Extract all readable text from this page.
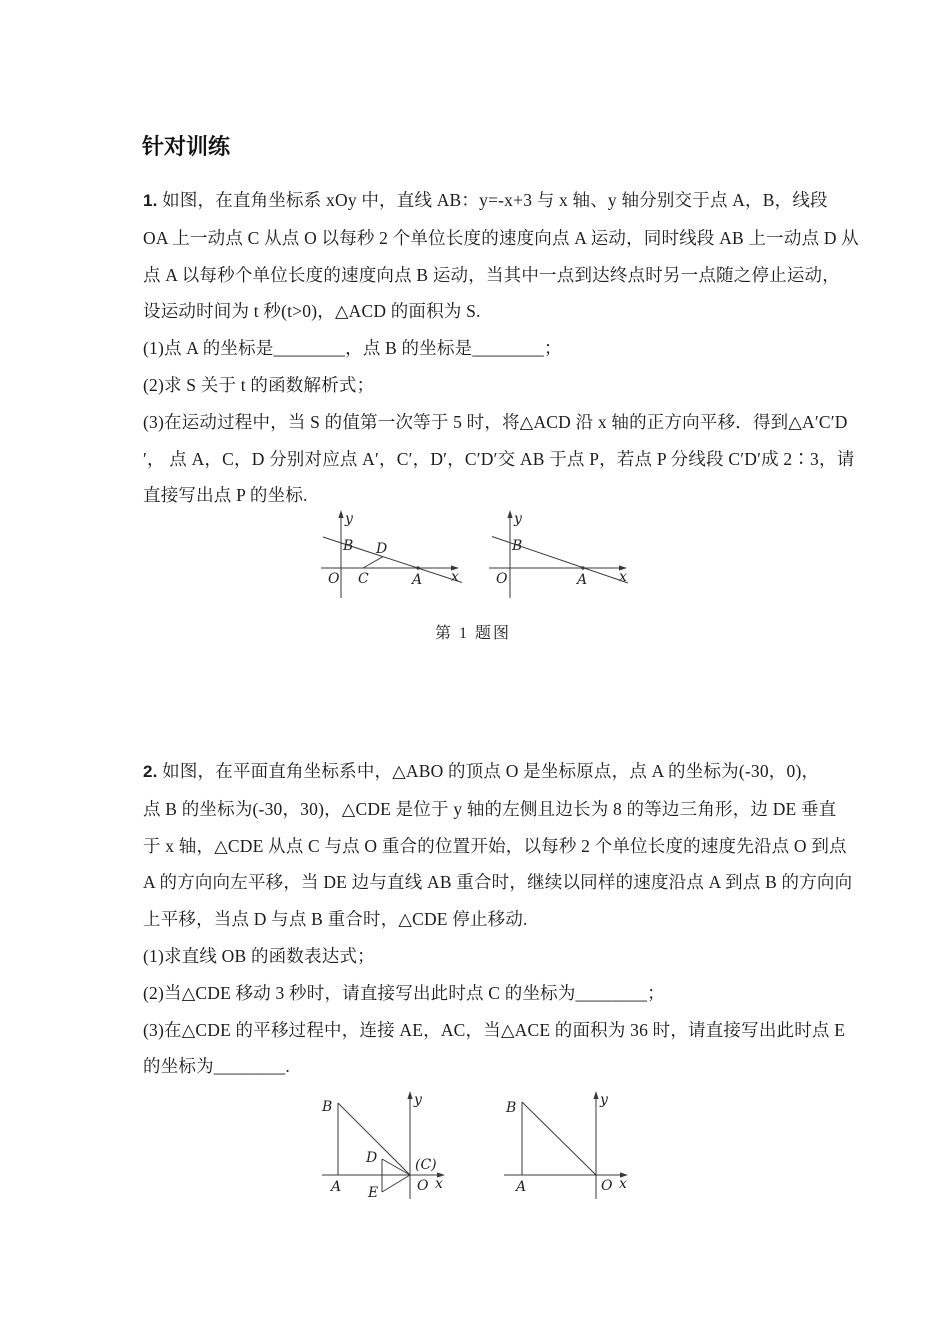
针对训练
1. 如图，在直角坐标系 xOy 中，直线 AB：y=-x+3 与 x 轴、y 轴分别交于点 A，B，线段
OA 上一动点 C 从点 O 以每秒 2 个单位长度的速度向点 A 运动，同时线段 AB 上一动点 D 从
点 A 以每秒个单位长度的速度向点 B 运动，当其中一点到达终点时另一点随之停止运动，
设运动时间为 t 秒(t>0)，△ACD 的面积为 S.
(1)点 A 的坐标是________，点 B 的坐标是________；
(2)求 S 关于 t 的函数解析式；
(3)在运动过程中，当 S 的值第一次等于 5 时，将△ACD 沿 x 轴的正方向平移．得到△A′C′D
′， 点 A，C，D 分别对应点 A′，C′，D′，C′D′交 AB 于点 P，若点 P 分线段 C′D′成 2∶3，请
直接写出点 P 的坐标.
y
B D
O C	A x
y
B
O	A x
第 1 题图
2. 如图，在平面直角坐标系中，△ABO 的顶点 O 是坐标原点，点 A 的坐标为(-30，0)，
点 B 的坐标为(-30，30)，△CDE 是位于 y 轴的左侧且边长为 8 的等边三角形，边 DE 垂直
于 x 轴，△CDE 从点 C 与点 O 重合的位置开始，以每秒 2 个单位长度的速度先沿点 O 到点
A 的方向向左平移，当 DE 边与直线 AB 重合时，继续以同样的速度沿点 A 到点 B 的方向向
上平移，当点 D 与点 B 重合时，△CDE 停止移动.
(1)求直线 OB 的函数表达式；
(2)当△CDE 移动 3 秒时，请直接写出此时点 C 的坐标为________；
(3)在△CDE 的平移过程中，连接 AE，AC，当△ACE 的面积为 36 时，请直接写出此时点 E
的坐标为________.
B
A
D
E
(C)
O x
y	B
A	O x
y
